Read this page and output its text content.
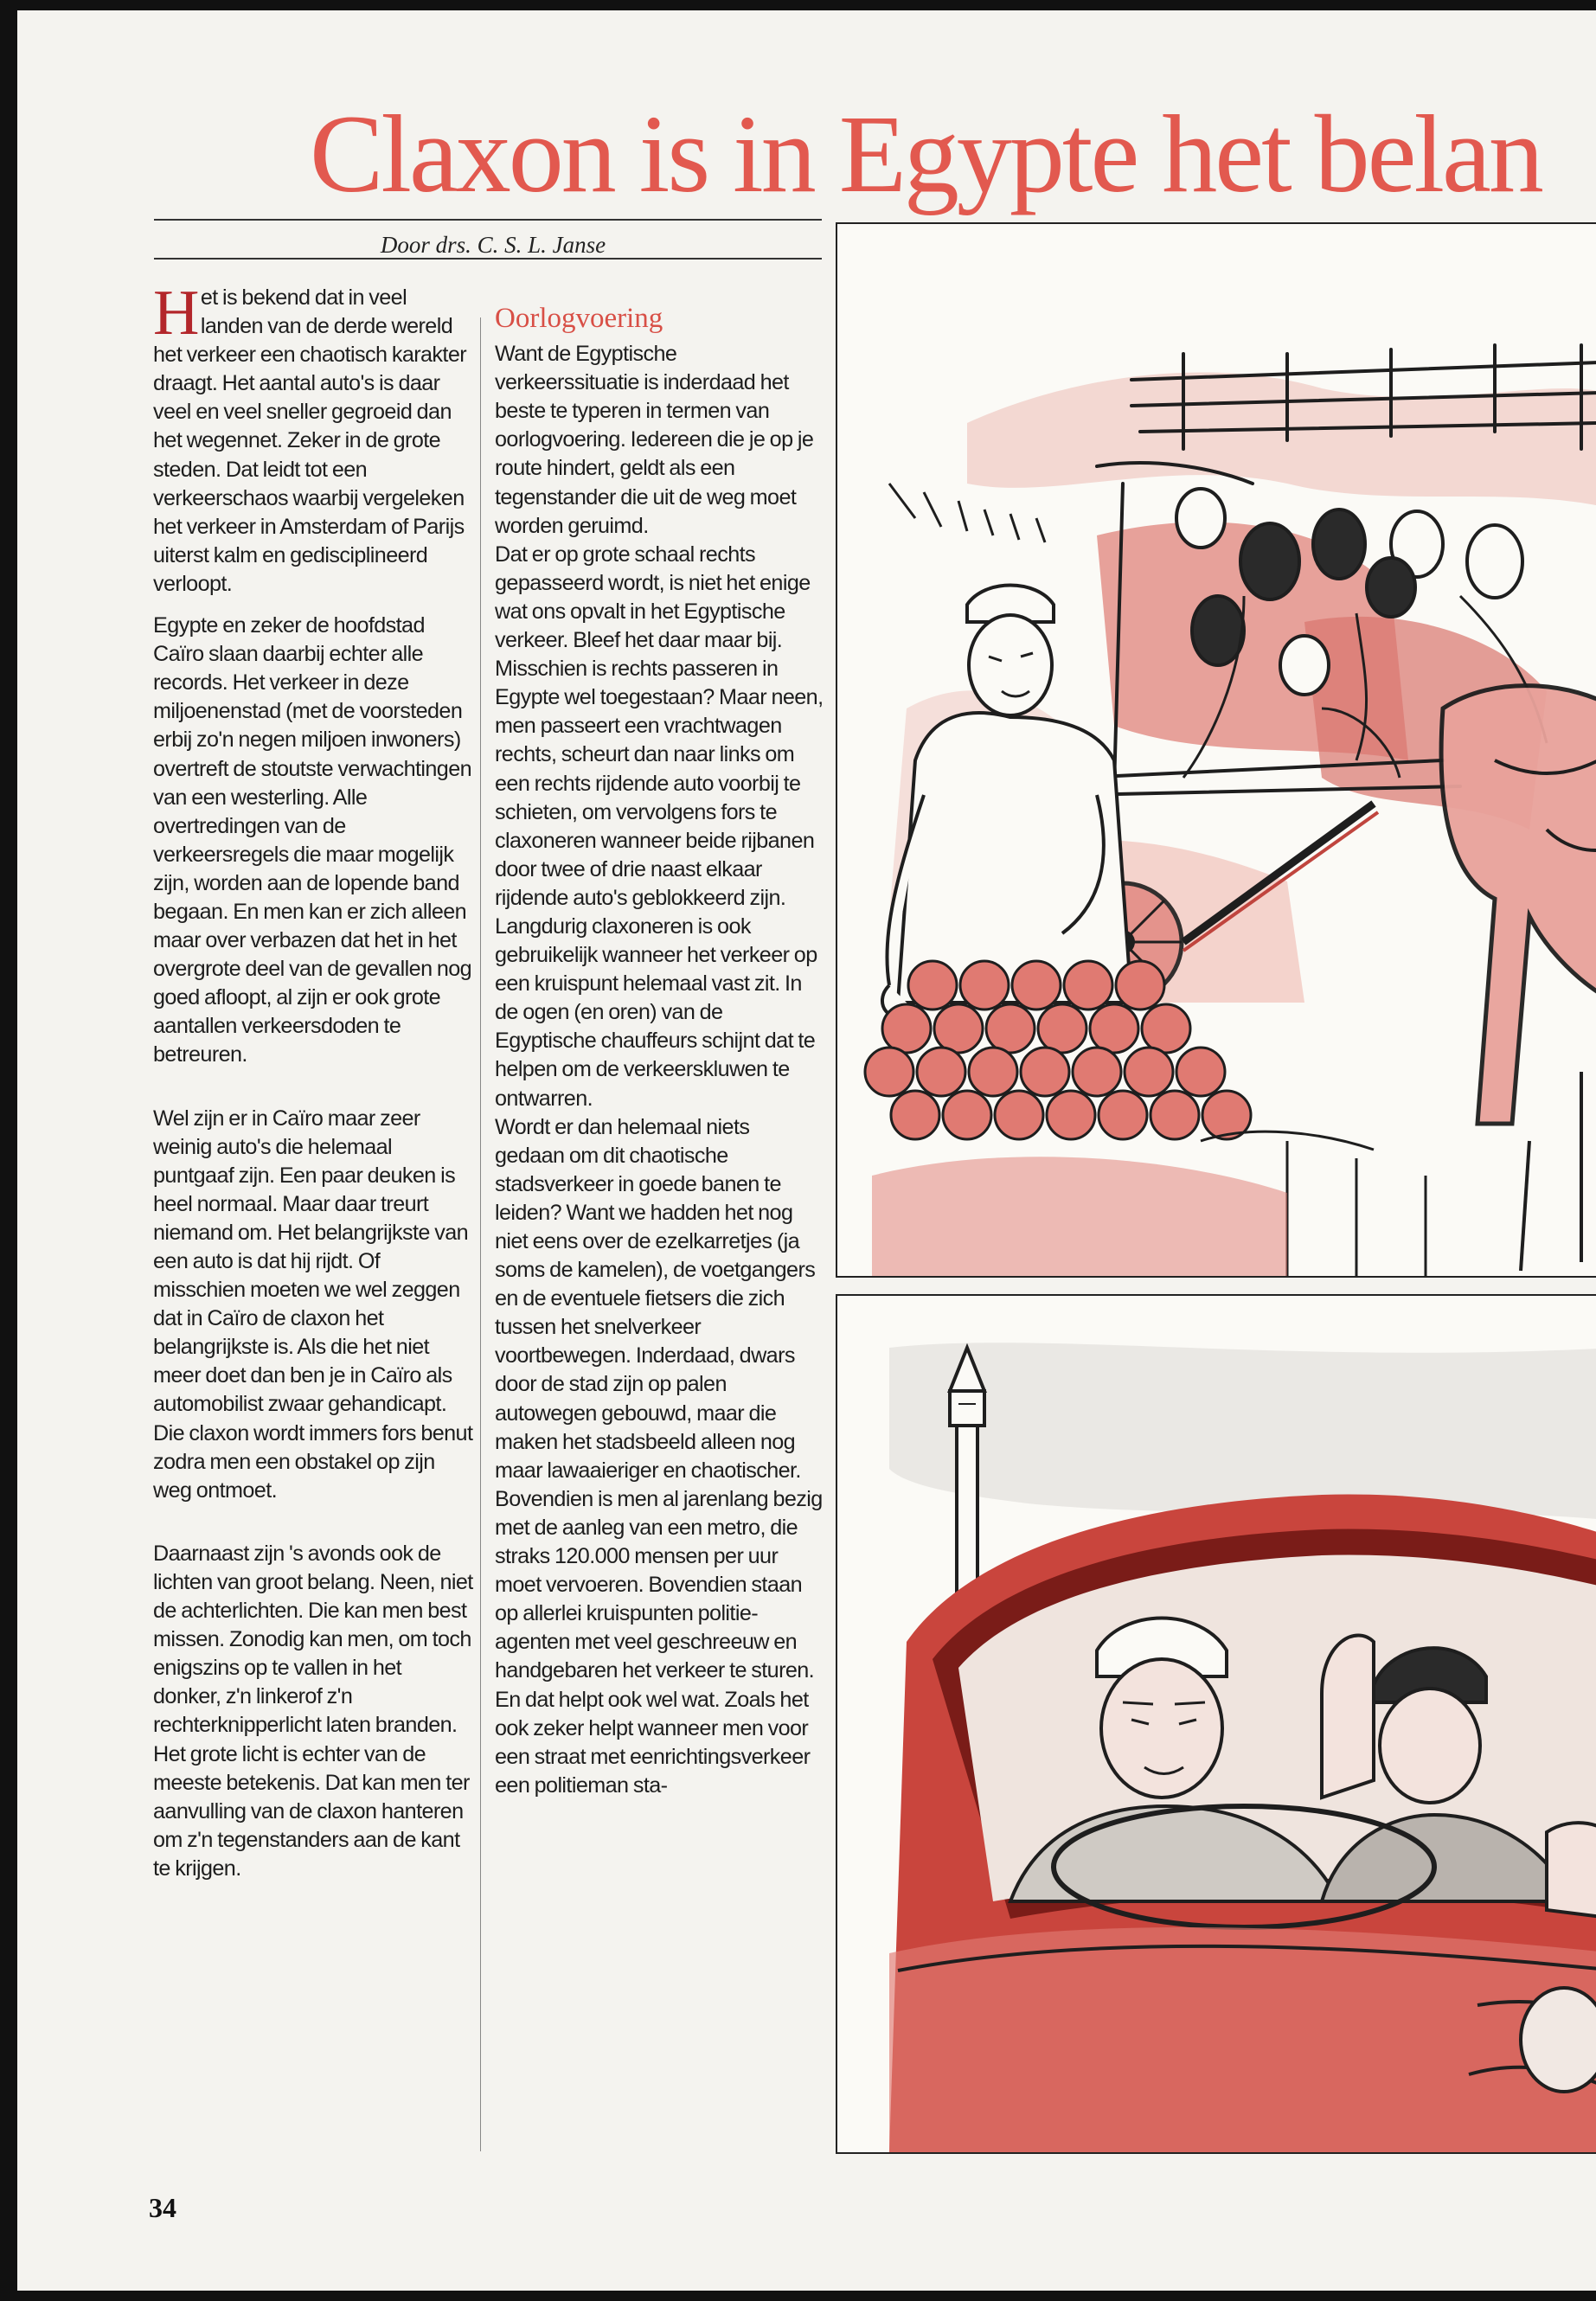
Claxon is in Egypte het belan
Door drs. C. S. L. Janse

Het is bekend dat in veel landen van de derde wereld het verkeer een chaotisch karakter draagt. Het aantal auto's is daar veel en veel sneller gegroeid dan het wegennet. Zeker in de grote steden. Dat leidt tot een verkeerschaos waarbij vergeleken het verkeer in Amsterdam of Parijs uiterst kalm en gedisciplineerd verloopt.

Egypte en zeker de hoofdstad Caïro slaan daarbij echter alle records. Het verkeer in deze miljoenenstad (met de voorsteden erbij zo'n negen miljoen inwoners) overtreft de stoutste verwachtingen van een westerling. Alle overtredingen van de verkeersregels die maar mogelijk zijn, worden aan de lopende band begaan. En men kan er zich alleen maar over verbazen dat het in het overgrote deel van de gevallen nog goed afloopt, al zijn er ook grote aantallen verkeersdoden te betreuren.

Wel zijn er in Caïro maar zeer weinig auto's die helemaal puntgaaf zijn. Een paar deuken is heel normaal. Maar daar treurt niemand om. Het belangrijkste van een auto is dat hij rijdt. Of misschien moeten we wel zeggen dat in Caïro de claxon het belangrijkste is. Als die het niet meer doet dan ben je in Caïro als automobilist zwaar gehandicapt. Die claxon wordt immers fors benut zodra men een obstakel op zijn weg ontmoet.

Daarnaast zijn 's avonds ook de lichten van groot belang. Neen, niet de achterlichten. Die kan men best missen. Zonodig kan men, om toch enigszins op te vallen in het donker, z'n linkerof z'n rechterknipperlicht laten branden. Het grote licht is echter van de meeste betekenis. Dat kan men ter aanvulling van de claxon hanteren om z'n tegenstanders aan de kant te krijgen.

Oorlogvoering

Want de Egyptische verkeerssituatie is inderdaad het beste te typeren in termen van oorlogvoering. Iedereen die je op je route hindert, geldt als een tegenstander die uit de weg moet worden geruimd.

Dat er op grote schaal rechts gepasseerd wordt, is niet het enige wat ons opvalt in het Egyptische verkeer. Bleef het daar maar bij. Misschien is rechts passeren in Egypte wel toegestaan? Maar neen, men passeert een vrachtwagen rechts, scheurt dan naar links om een rechts rijdende auto voorbij te schieten, om vervolgens fors te claxoneren wanneer beide rijbanen door twee of drie naast elkaar rijdende auto's geblokkeerd zijn.

Langdurig claxoneren is ook gebruikelijk wanneer het verkeer op een kruispunt helemaal vast zit. In de ogen (en oren) van de Egyptische chauffeurs schijnt dat te helpen om de verkeerskluwen te ontwarren.

Wordt er dan helemaal niets gedaan om dit chaotische stadsverkeer in goede banen te leiden? Want we hadden het nog niet eens over de ezelkarretjes (ja soms de kamelen), de voetgangers en de eventuele fietsers die zich tussen het snelverkeer voortbewegen. Inderdaad, dwars door de stad zijn op palen autowegen gebouwd, maar die maken het stadsbeeld alleen nog maar lawaaieriger en chaotischer. Bovendien is men al jarenlang bezig met de aanleg van een metro, die straks 120.000 mensen per uur moet vervoeren. Bovendien staan op allerlei kruispunten politie-agenten met veel geschreeuw en handgebaren het verkeer te sturen. En dat helpt ook wel wat. Zoals het ook zeker helpt wanneer men voor een straat met eenrichtingsverkeer een politieman sta-

34
